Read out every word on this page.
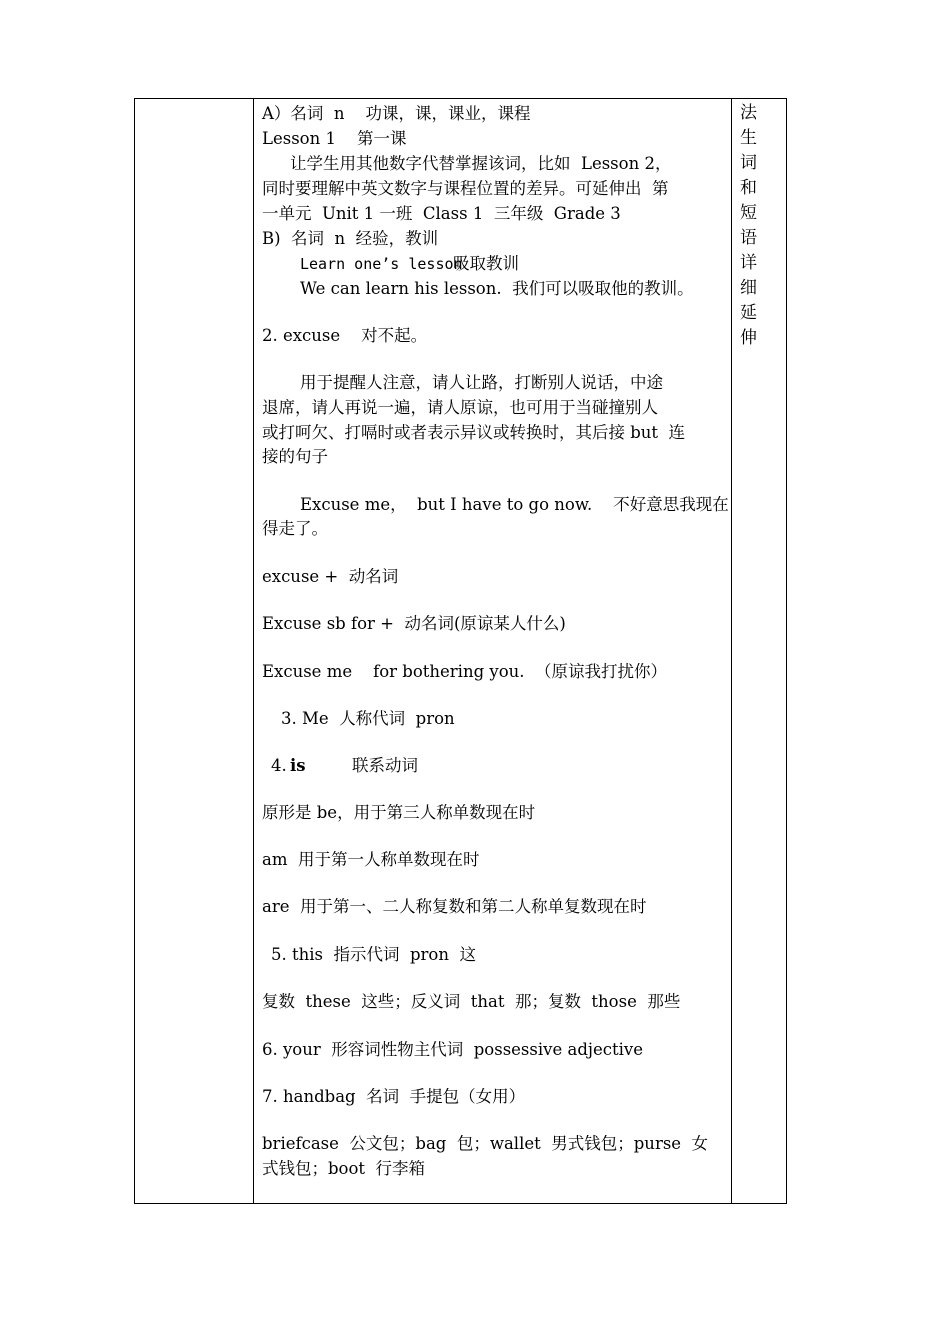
A）名词  n    功课，课，课业，课程
Lesson 1    第一课
让学生用其他数字代替掌握该词，比如  Lesson 2，
同时要理解中英文数字与课程位置的差异。可延伸出  第
一单元  Unit 1 一班  Class 1  三年级  Grade 3
B)  名词  n  经验，教训
Learn one’s lesson
吸取教训
We can learn his lesson.  我们可以吸取他的教训。
2. excuse    对不起。
用于提醒人注意，请人让路，打断别人说话，中途
退席，请人再说一遍，请人原谅，也可用于当碰撞别人
或打呵欠、打嗝时或者表示异议或转换时，其后接 but  连
接的句子
Excuse me，  but I have to go now.    不好意思我现在
得走了。
excuse +  动名词
Excuse sb for +  动名词(原谅某人什么)
Excuse me    for bothering you.  （原谅我打扰你）
3. Me  人称代词  pron
4.
is	联系动词
原形是 be，用于第三人称单数现在时
am  用于第一人称单数现在时
are  用于第一、二人称复数和第二人称单复数现在时
5. this  指示代词  pron  这
复数  these  这些；反义词  that  那；复数  those  那些
6. your  形容词性物主代词  possessive adjective
7. handbag  名词  手提包（女用）
briefcase  公文包；bag  包；wallet  男式钱包；purse  女
式钱包；boot  行李箱
法
生
词
和
短
语
详
细
延
伸
